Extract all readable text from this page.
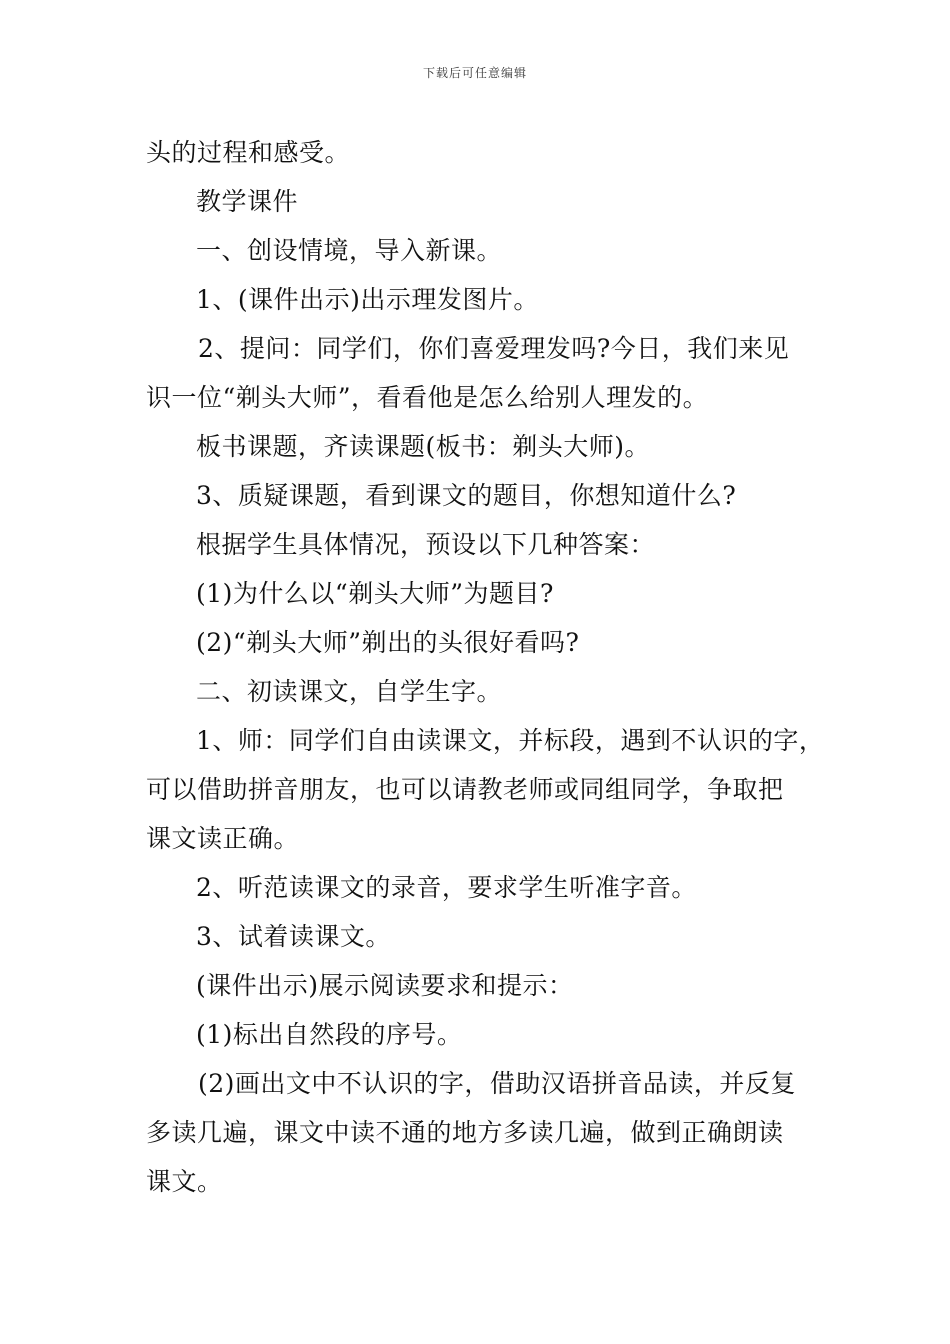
下载后可任意编辑
头的过程和感受。
教学课件
一、创设情境，导入新课。
1、(课件出示)出示理发图片。
2、提问：同学们，你们喜爱理发吗?今日，我们来见
识一位“剃头大师”，看看他是怎么给别人理发的。
板书课题，齐读课题(板书：剃头大师)。
3、质疑课题，看到课文的题目，你想知道什么?
根据学生具体情况，预设以下几种答案：
(1)为什么以“剃头大师”为题目?
(2)“剃头大师”剃出的头很好看吗?
二、初读课文，自学生字。
1、师：同学们自由读课文，并标段，遇到不认识的字，
可以借助拼音朋友，也可以请教老师或同组同学，争取把
课文读正确。
2、听范读课文的录音，要求学生听准字音。
3、试着读课文。
(课件出示)展示阅读要求和提示：
(1)标出自然段的序号。
(2)画出文中不认识的字，借助汉语拼音品读，并反复
多读几遍，课文中读不通的地方多读几遍，做到正确朗读
课文。
